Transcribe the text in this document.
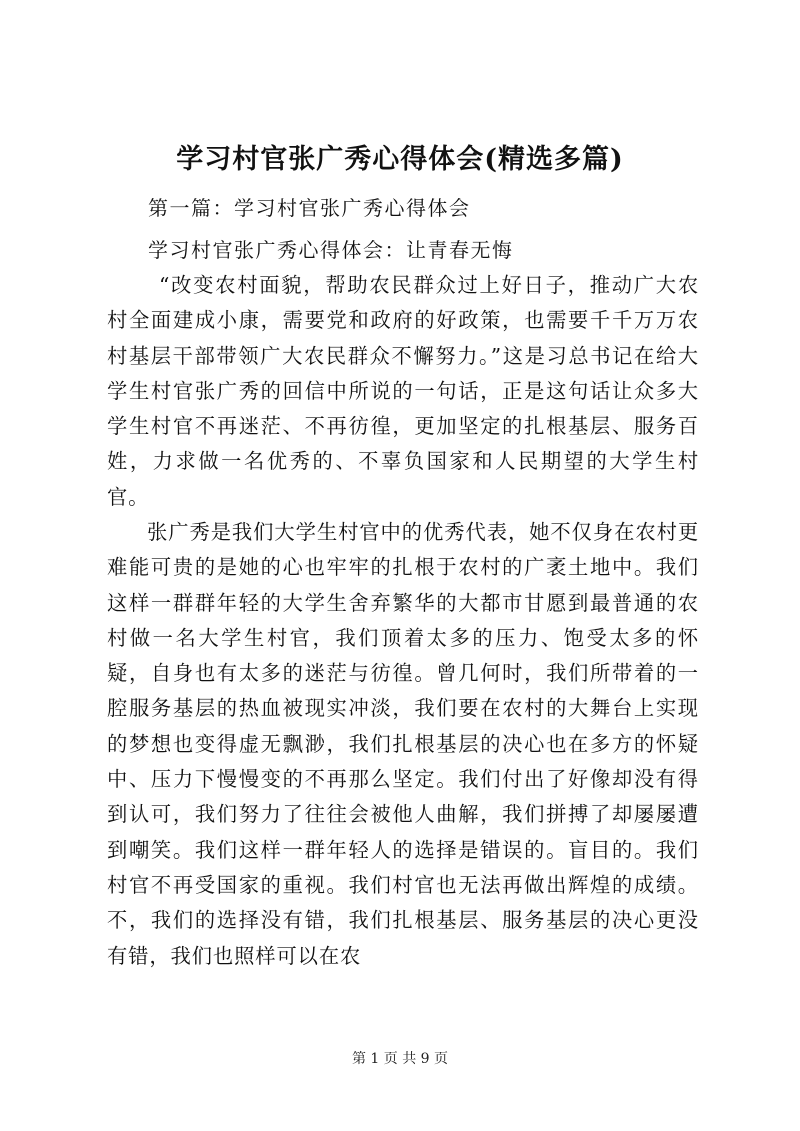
学习村官张广秀心得体会(精选多篇)

第一篇：学习村官张广秀心得体会

学习村官张广秀心得体会：让青春无悔

“改变农村面貌，帮助农民群众过上好日子，推动广大农村全面建成小康，需要党和政府的好政策，也需要千千万万农村基层干部带领广大农民群众不懈努力。”这是习总书记在给大学生村官张广秀的回信中所说的一句话，正是这句话让众多大学生村官不再迷茫、不再彷徨，更加坚定的扎根基层、服务百姓，力求做一名优秀的、不辜负国家和人民期望的大学生村官。

张广秀是我们大学生村官中的优秀代表，她不仅身在农村更难能可贵的是她的心也牢牢的扎根于农村的广袤土地中。我们这样一群群年轻的大学生舍弃繁华的大都市甘愿到最普通的农村做一名大学生村官，我们顶着太多的压力、饱受太多的怀疑，自身也有太多的迷茫与彷徨。曾几何时，我们所带着的一腔服务基层的热血被现实冲淡，我们要在农村的大舞台上实现的梦想也变得虚无飘渺，我们扎根基层的决心也在多方的怀疑中、压力下慢慢变的不再那么坚定。我们付出了好像却没有得到认可，我们努力了往往会被他人曲解，我们拼搏了却屡屡遭到嘲笑。我们这样一群年轻人的选择是错误的。盲目的。我们村官不再受国家的重视。我们村官也无法再做出辉煌的成绩。不，我们的选择没有错，我们扎根基层、服务基层的决心更没有错，我们也照样可以在农

第 1 页 共 9 页
